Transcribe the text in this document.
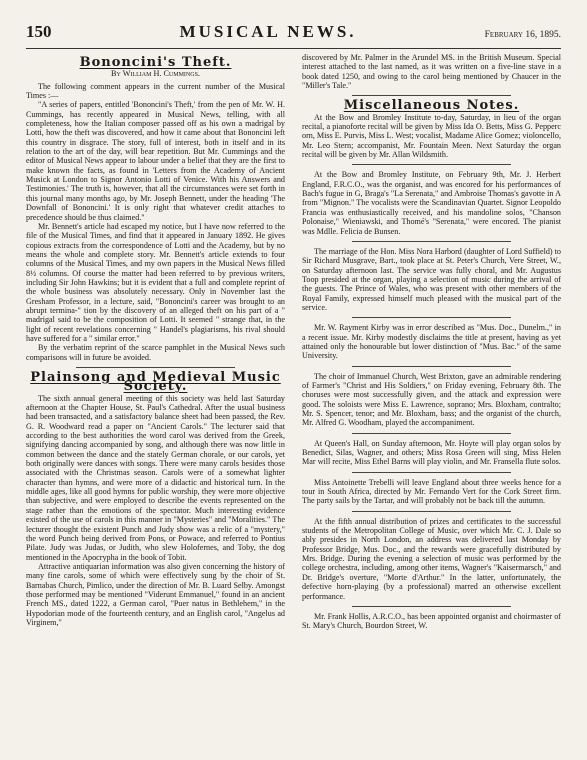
150	MUSICAL NEWS.	February 16, 1895.
Bononcini's Theft.
By William H. Cummings.

The following comment appears in the current number of the Musical Times :—

"A series of papers, entitled 'Bononcini's Theft,' from the pen of Mr. W. H. Cummings, has recently appeared in Musical News, telling, with all completeness, how the Italian composer passed off as his own a madrigal by Lotti, how the theft was discovered, and how it came about that Bononcini left this country in disgrace. The story, full of interest, both in itself and in its relation to the art of the day, will bear repetition. But Mr. Cummings and the editor of Musical News appear to labour under a belief that they are the first to make known the facts, as found in 'Letters from the Academy of Ancient Musick at London to Signor Antonio Lotti of Venice. With his Answers and Testimonies.' The truth is, however, that all the circumstances were set forth in this journal many months ago, by Mr. Joseph Bennett, under the heading 'The Downfall of Bononcini.' It is only right that whatever credit attaches to precedence should be thus claimed."

Mr. Bennett's article had escaped my notice, but I have now referred to the file of the Musical Times, and find that it appeared in January 1892. He gives copious extracts from the correspondence of Lotti and the Academy, but by no means the whole and complete story. Mr. Bennett's article extends to four columns of the Musical Times, and my own papers in the Musical News filled 8½ columns. Of course the matter had been referred to by previous writers, including Sir John Hawkins; but it is evident that a full and complete reprint of the whole business was absolutely necessary. Only in November last the Gresham Professor, in a lecture, said, "Bononcini's career was brought to an abrupt termina-" tion by the discovery of an alleged theft on his part of a " madrigal said to be the composition of Lotti. It seemed " strange that, in the light of recent revelations concerning " Handel's plagiarisms, his rival should have suffered for a " similar error."

By the verbatim reprint of the scarce pamphlet in the Musical News such comparisons will in future be avoided.

Plainsong and Medieval Music Society.

The sixth annual general meeting of this society was held last Saturday afternoon at the Chapter House, St. Paul's Cathedral. After the usual business had been transacted, and a satisfactory balance sheet had been passed, the Rev. G. R. Woodward read a paper on "Ancient Carols." The lecturer said that according to the best authorities the word carol was derived from the Greek, signifying dancing accompanied by song, and although there was now little in common between the dance and the stately German chorale, or our carols, yet both originally were dances with songs. There were many carols besides those associated with the Christmas season. Carols were of a somewhat lighter character than hymns, and were more of a didactic and historical turn. In the middle ages, like all good hymns for public worship, they were more objective than subjective, and were employed to describe the events represented on the stage rather than the emotions of the spectator. Much interesting evidence existed of the use of carols in this manner in "Mysteries" and "Moralities." The lecturer thought the existent Punch and Judy show was a relic of a "mystery," the word Punch being derived from Pons, or Powace, and referred to Pontius Pilate. Judy was Judas, or Judith, who slew Holofernes, and Toby, the dog mentioned in the Apocrypha in the book of Tobit.

Attractive antiquarian information was also given concerning the history of many fine carols, some of which were effectively sung by the choir of St. Barnabas Church, Pimlico, under the direction of Mr. B. Luard Selby. Amongst those performed may be mentioned "Viderunt Emmanuel," found in an ancient French MS., dated 1222, a German carol, "Puer natus in Bethlehem," in the Hypodorian mode of the fourteenth century, and an English carol, "Angelus ad Virginem,"

discovered by Mr. Palmer in the Arundel MS. in the British Museum. Special interest attached to the last named, as it was written on a five-line stave in a book dated 1250, and owing to the carol being mentioned by Chaucer in the "Miller's Tale."

Miscellaneous Notes.

At the Bow and Bromley Institute to-day, Saturday, in lieu of the organ recital, a pianoforte recital will be given by Miss Ida O. Betts, Miss G. Pepperc orn, Miss E. Purvis, Miss L. West; vocalist, Madame Alice Gomez; violoncello, Mr. Leo Stern; accompanist, Mr. Fountain Meen. Next Saturday the organ recital will be given by Mr. Allan Wildsmith.

At the Bow and Bromley Institute, on February 9th, Mr. J. Herbert England, F.R.C.O., was the organist, and was encored for his performances of Bach's fugue in G, Braga's "La Serenata," and Ambroise Thomas's gavotte in A from "Mignon." The vocalists were the Scandinavian Quartet. Signor Leopoldo Francia was enthusiastically received, and his mandoline solos, "Chanson Polonaise," Wieniawski, and Thomé's "Serenata," were encored. The pianist was Mdlle. Felicia de Bunsen.

The marriage of the Hon. Miss Nora Harbord (daughter of Lord Suffield) to Sir Richard Musgrave, Bart., took place at St. Peter's Church, Vere Street, W., on Saturday afternoon last. The service was fully choral, and Mr. Augustus Toop presided at the organ, playing a selection of music during the arrival of the guests. The Prince of Wales, who was present with other members of the Royal Family, expressed himself much pleased with the musical part of the service.

Mr. W. Rayment Kirby was in error described as "Mus. Doc., Dunelm.," in a recent issue. Mr. Kirby modestly disclaims the title at present, having as yet attained only the honourable but lower distinction of "Mus. Bac." of the same University.

The choir of Immanuel Church, West Brixton, gave an admirable rendering of Farmer's "Christ and His Soldiers," on Friday evening, February 8th. The choruses were most successfully given, and the attack and expression were good. The soloists were Miss E. Lawrence, soprano; Mrs. Bloxham, contralto; Mr. S. Spencer, tenor; and Mr. Bloxham, bass; and the organist of the church, Mr. Alfred G. Woodham, played the accompaniment.

At Queen's Hall, on Sunday afternoon, Mr. Hoyte will play organ solos by Benedict, Silas, Wagner, and others; Miss Rosa Green will sing, Miss Helen Mar will recite, Miss Ethel Barns will play violin, and Mr. Fransella flute solos.

Miss Antoinette Trebelli will leave England about three weeks hence for a tour in South Africa, directed by Mr. Fernando Vert for the Cork Street firm. The party sails by the Tartar, and will probably not be back till the autumn.

At the fifth annual distribution of prizes and certificates to the successful students of the Metropolitan College of Music, over which Mr. C. J. Dale so ably presides in North London, an address was delivered last Monday by Professor Bridge, Mus. Doc., and the rewards were gracefully distributed by Mrs. Bridge. During the evening a selection of music was performed by the college orchestra, including, among other items, Wagner's "Kaisermarsch," and Dr. Bridge's overture, "Morte d'Arthur." In the latter, unfortunately, the defective horn-playing (by a professional) marred an otherwise excellent performance.

Mr. Frank Hollis, A.R.C.O., has been appointed organist and choirmaster of St. Mary's Church, Bourdon Street, W.
